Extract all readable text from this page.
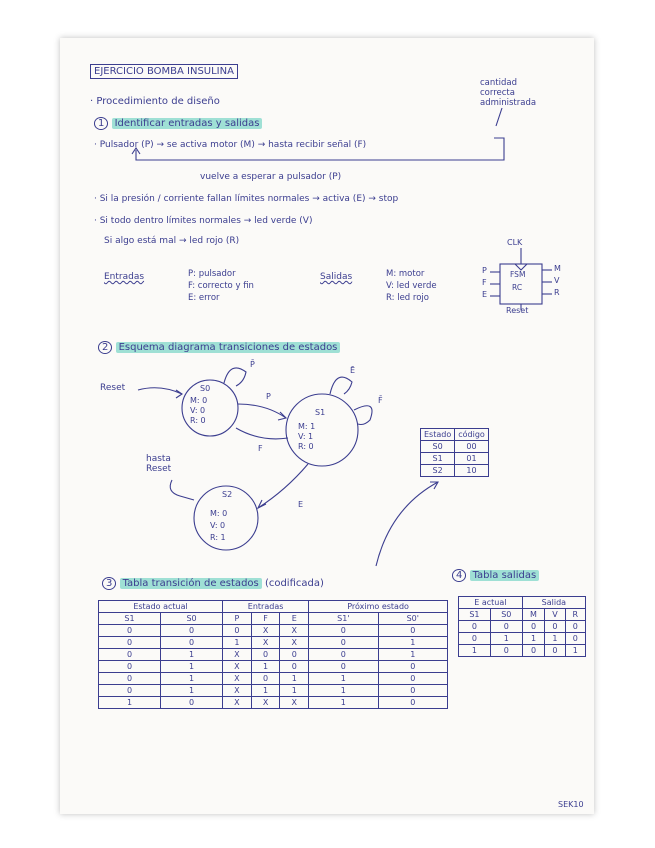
EJERCICIO BOMBA INSULINA
· Procedimiento de diseño
cantidad
correcta
administrada
1 Identificar entradas y salidas
· Pulsador (P) → se activa motor (M) → hasta recibir señal (F)
vuelve a esperar a pulsador (P)
· Si la presión / corriente fallan límites normales → activa (E) → stop
· Si todo dentro límites normales → led verde (V)
Si algo está mal → led rojo (R)
Entradas	P: pulsador
F: correcto y fin
E: error
Salidas	M: motor
V: led verde
R: led rojo
CLK
P
F
E
M
V
R
FSM
RC
Reset
2 Esquema diagrama transiciones de estados
Reset
hasta
Reset
S0
M: 0
V: 0
R: 0
S1
M: 1
V: 1
R: 0
S2
M: 0
V: 0
R: 1
P̄
P
Ē
F̄
F
E
Estado	código
S0	00
S1	01
S2	10
3 Tabla transición de estados (codificada)
Estado actual		Entradas			Próximo estado	
S1	S0	P	F	E	S1'	S0'
0	0	0	X	X	0	0
0	0	1	X	X	0	1
0	1	X	0	0	0	1
0	1	X	1	0	0	0
0	1	X	0	1	1	0
0	1	X	1	1	1	0
1	0	X	X	X	1	0
4 Tabla salidas
E actual		Salida		
S1	S0	M	V	R
0	0	0	0	0
0	1	1	1	0
1	0	0	0	1
SEK10
